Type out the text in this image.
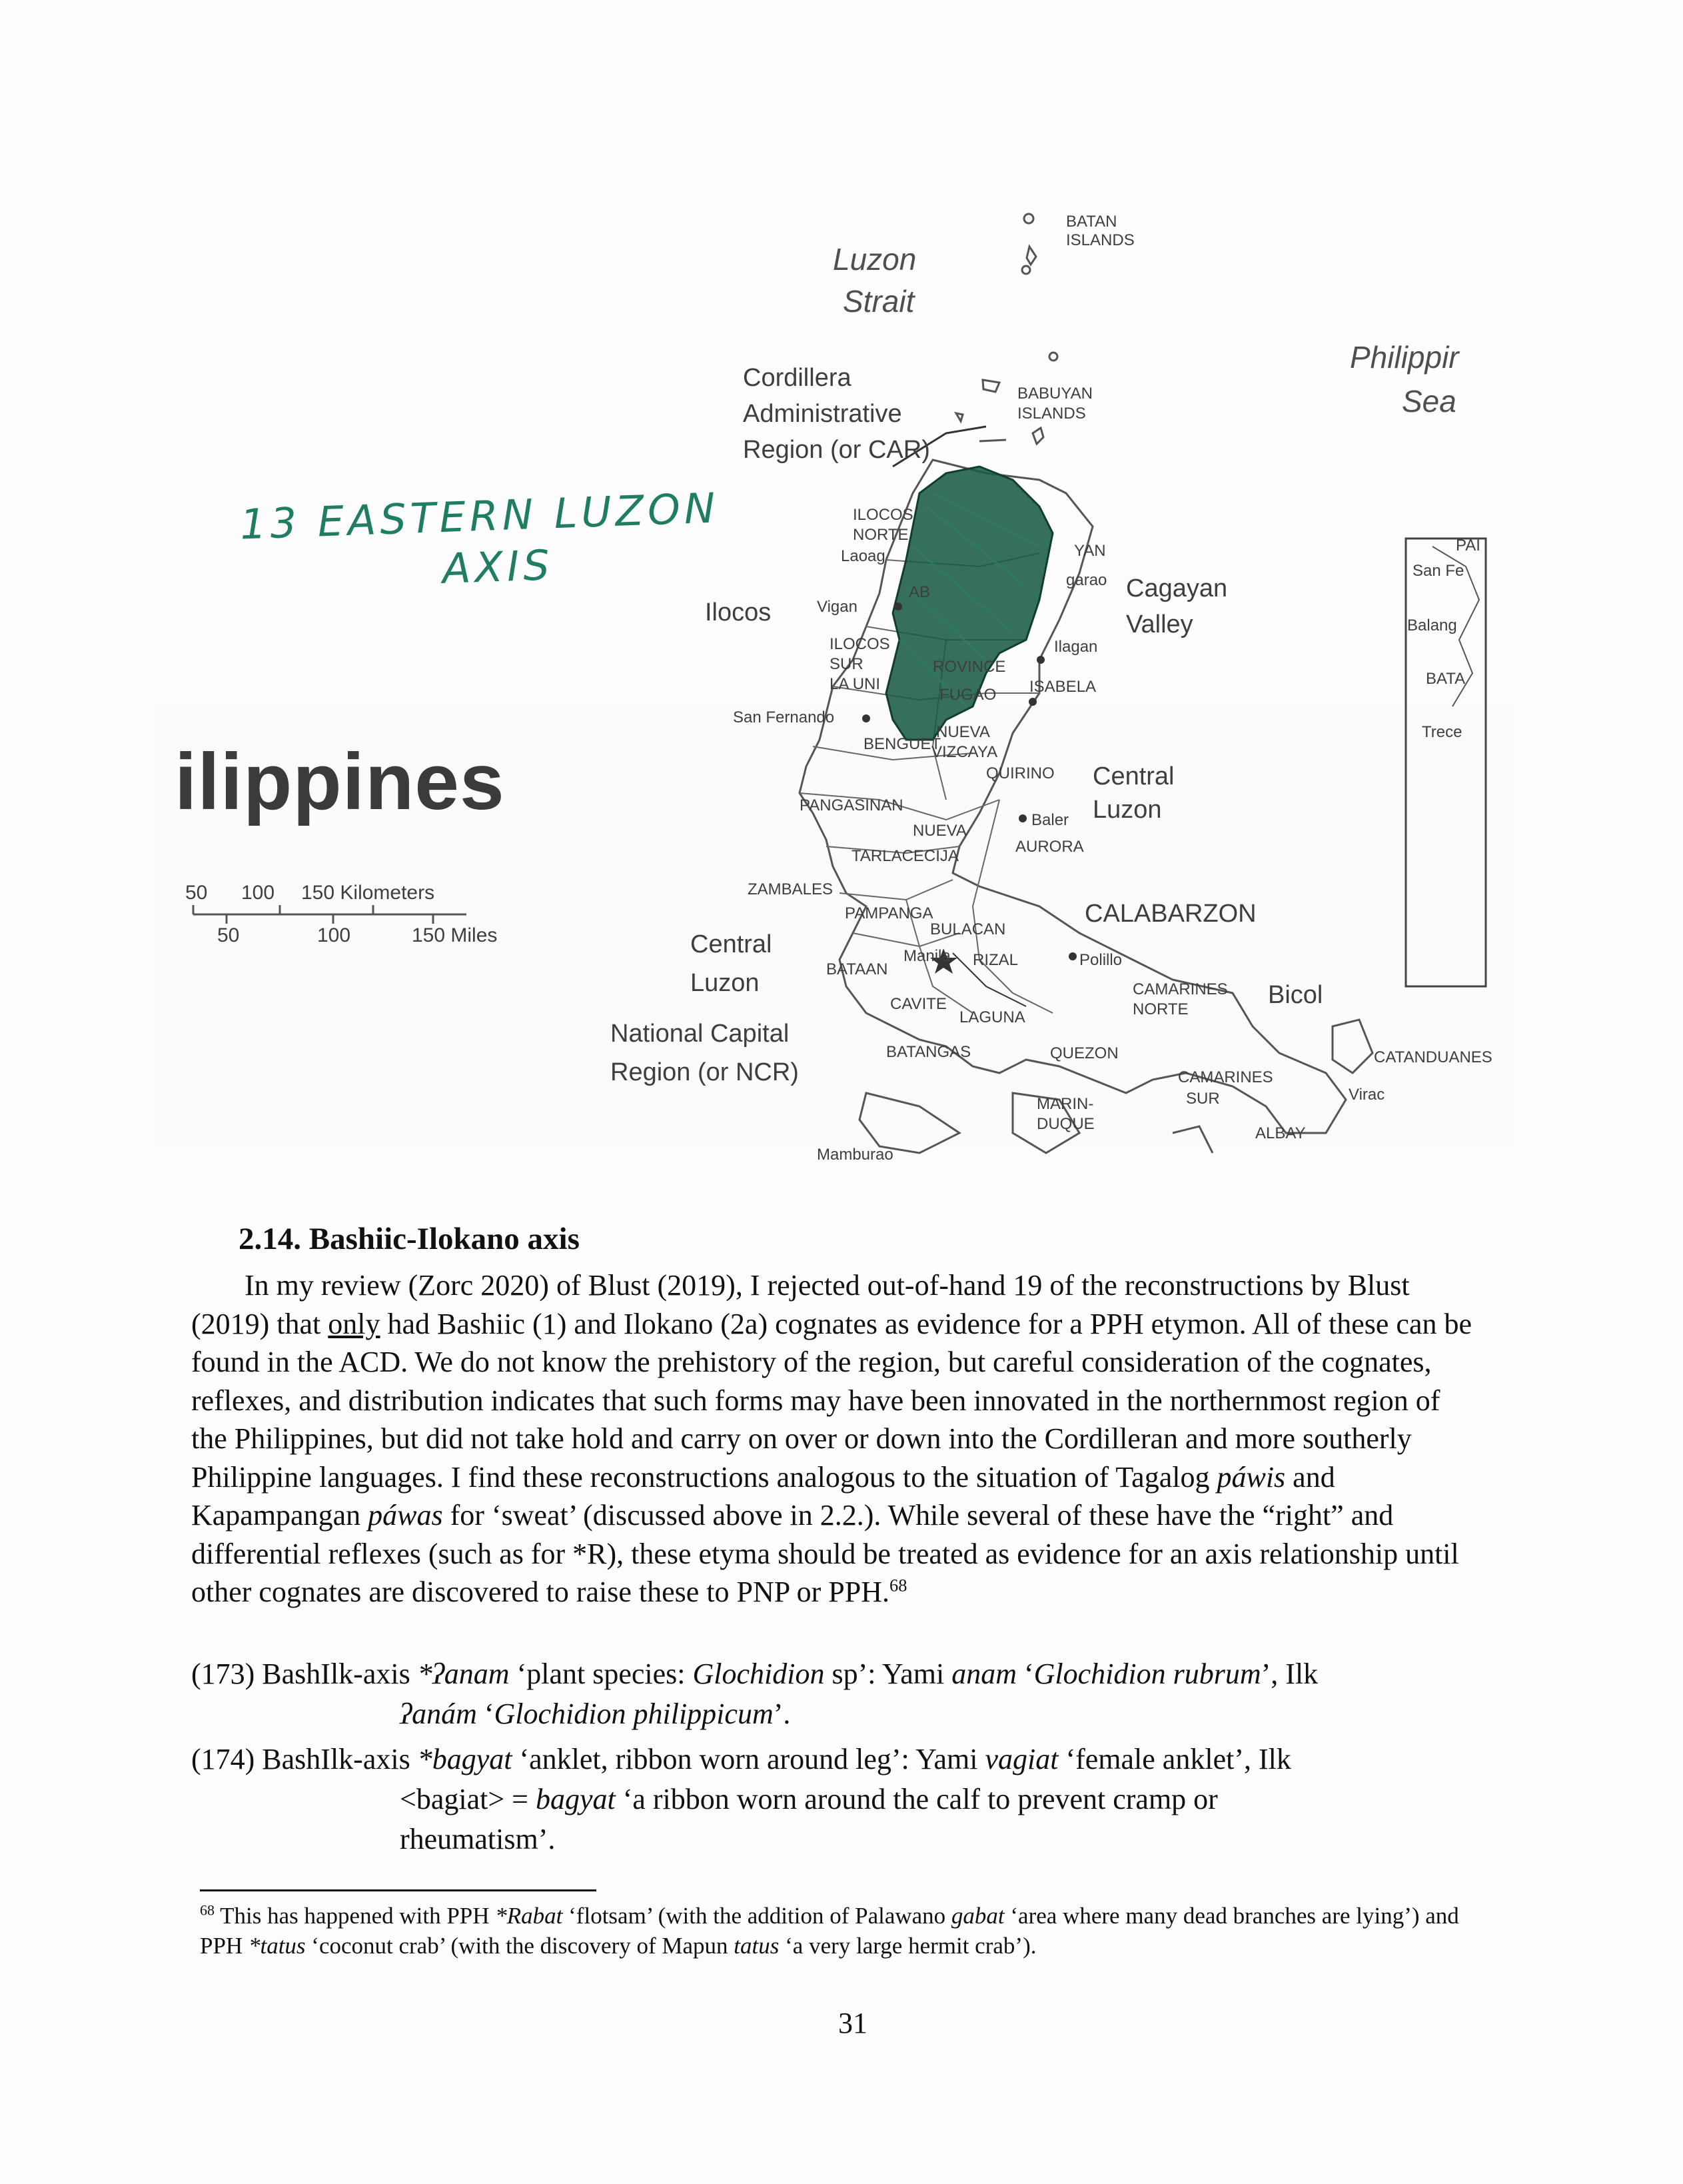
Luzon
Strait
Philippir
Sea
BATAN
ISLANDS
BABUYAN
ISLANDS
Cordillera
Administrative
Region (or CAR)
Ilocos
Cagayan
Valley
Central
Luzon
Central
Luzon
CALABARZON
National Capital
Region (or NCR)
Bicol
ILOCOS
NORTE
AB
ILOCOS
SUR
LA UNI
YAN
ISABELA
ROVINCE
FUGAO
NUEVA
VIZCAYA
BENGUET
QUIRINO
PANGASINAN
NUEVA
TARLACECIJA
AURORA
ZAMBALES
PAMPANGA
BULACAN
BATAAN
Manila RIZAL
CAVITE
LAGUNA
BATANGAS	QUEZON
CAMARINES
NORTE
CAMARINES
SUR
CATANDUANES
MARIN-
DUQUE
ALBAY
Laoag
garao
Vigan
Ilagan
San Fernando
Baler
Polillo
Virac
Mamburao
PAI
San Fe
Balang
BATA
Trece
ilippines
50 100 150 Kilometers
50	100	150 Miles
13 EASTERN LUZON
AXIS
2.14. Bashiic-Ilokano axis
In my review (Zorc 2020) of Blust (2019), I rejected out-of-hand 19 of the reconstructions by Blust (2019) that only had Bashiic (1) and Ilokano (2a) cognates as evidence for a PPH etymon. All of these can be found in the ACD. We do not know the prehistory of the region, but careful consideration of the cognates, reflexes, and distribution indicates that such forms may have been innovated in the northernmost region of the Philippines, but did not take hold and carry on over or down into the Cordilleran and more southerly Philippine languages. I find these reconstructions analogous to the situation of Tagalog páwis and Kapampangan páwas for ‘sweat’ (discussed above in 2.2.). While several of these have the “right” and differential reflexes (such as for *R), these etyma should be treated as evidence for an axis relationship until other cognates are discovered to raise these to PNP or PPH.$^{68}$
(173) BashIlk-axis *ʔanam ‘plant species: Glochidion sp’: Yami anam ‘Glochidion rubrum’, Ilk
ʔanám ‘Glochidion philippicum’.
(174) BashIlk-axis *bagyat ‘anklet, ribbon worn around leg’: Yami vagiat ‘female anklet’, Ilk
<bagiat> = bagyat ‘a ribbon worn around the calf to prevent cramp or
rheumatism’.
$^{68}$ This has happened with PPH *Rabat ‘flotsam’ (with the addition of Palawano gabat ‘area where many dead branches are lying’) and PPH *tatus ‘coconut crab’ (with the discovery of Mapun tatus ‘a very large hermit crab’).
31
